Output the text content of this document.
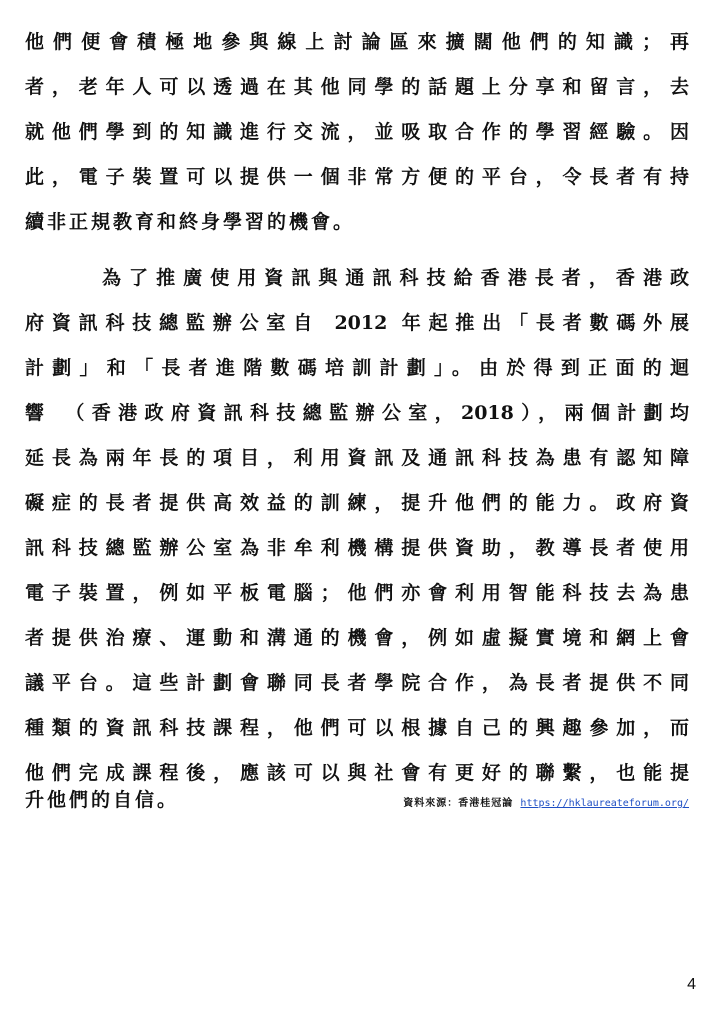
他們便會積極地參與線上討論區來擴闊他們的知識；再
者，老年人可以透過在其他同學的話題上分享和留言，去
就他們學到的知識進行交流，並吸取合作的學習經驗。因
此，電子裝置可以提供一個非常方便的平台，令長者有持
續非正規教育和終身學習的機會。
為了推廣使用資訊與通訊科技給香港長者，香港政
府資訊科技總監辦公室自 2012 年起推出「長者數碼外展
計劃」和「長者進階數碼培訓計劃」。由於得到正面的迴
響 （香港政府資訊科技總監辦公室，2018），兩個計劃均
延長為兩年長的項目，利用資訊及通訊科技為患有認知障
礙症的長者提供高效益的訓練，提升他們的能力。政府資
訊科技總監辦公室為非牟利機構提供資助，教導長者使用
電子裝置，例如平板電腦；他們亦會利用智能科技去為患
者提供治療、運動和溝通的機會，例如虛擬實境和網上會
議平台。這些計劃會聯同長者學院合作，為長者提供不同
種類的資訊科技課程，他們可以根據自己的興趣參加，而
他們完成課程後，應該可以與社會有更好的聯繫，也能提
升他們的自信。	資料來源：香港桂冠論 https://hklaureateforum.org/
4
